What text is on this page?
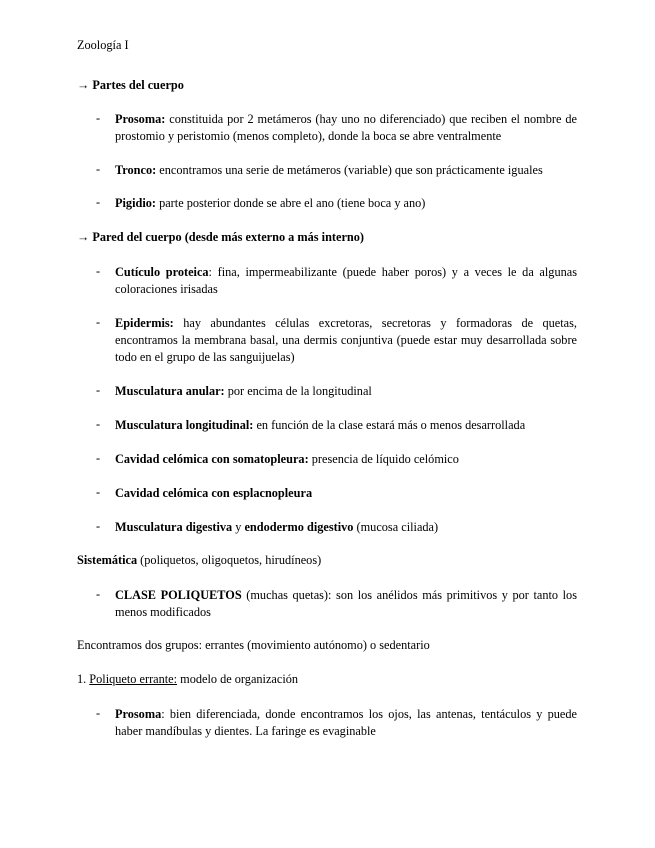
Zoología I
→ Partes del cuerpo
- Prosoma: constituida por 2 metámeros (hay uno no diferenciado) que reciben el nombre de prostomio y peristomio (menos completo), donde la boca se abre ventralmente
- Tronco: encontramos una serie de metámeros (variable) que son prácticamente iguales
- Pigidio: parte posterior donde se abre el ano (tiene boca y ano)
→ Pared del cuerpo (desde más externo a más interno)
- Cutículo proteica: fina, impermeabilizante (puede haber poros) y a veces le da algunas coloraciones irisadas
- Epidermis: hay abundantes células excretoras, secretoras y formadoras de quetas, encontramos la membrana basal, una dermis conjuntiva (puede estar muy desarrollada sobre todo en el grupo de las sanguijuelas)
- Musculatura anular: por encima de la longitudinal
- Musculatura longitudinal: en función de la clase estará más o menos desarrollada
- Cavidad celómica con somatopleura: presencia de líquido celómico
- Cavidad celómica con esplacnopleura
- Musculatura digestiva y endodermo digestivo (mucosa ciliada)
Sistemática (poliquetos, oligoquetos, hirudíneos)
- CLASE POLIQUETOS (muchas quetas): son los anélidos más primitivos y por tanto los menos modificados
Encontramos dos grupos: errantes (movimiento autónomo) o sedentario
1. Poliqueto errante: modelo de organización
- Prosoma: bien diferenciada, donde encontramos los ojos, las antenas, tentáculos y puede haber mandíbulas y dientes. La faringe es evaginable
